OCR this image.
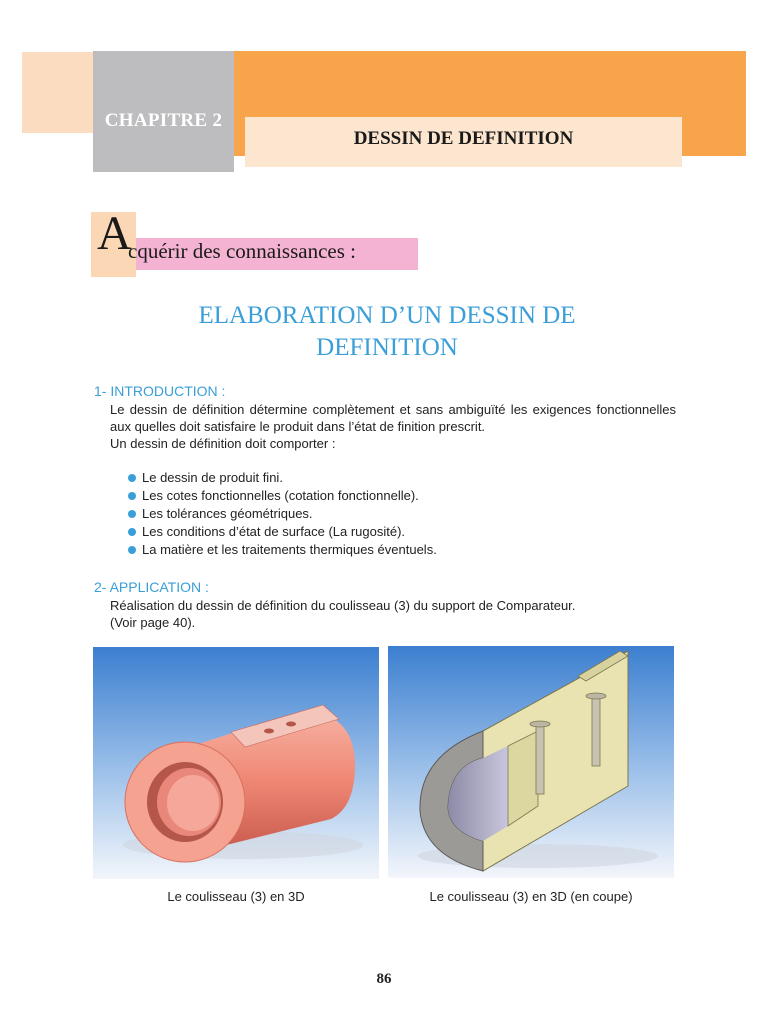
CHAPITRE 2
DESSIN DE DEFINITION
A
cquérir des connaissances :
ELABORATION D’UN DESSIN DE
DEFINITION
1- INTRODUCTION :
Le dessin de définition détermine complètement et sans ambiguïté les exigences fonctionnelles aux quelles doit satisfaire le produit dans l’état de finition prescrit.
Un dessin de définition doit comporter :
Le dessin de produit fini.
Les cotes fonctionnelles (cotation fonctionnelle).
Les tolérances géométriques.
Les conditions d’état de surface (La rugosité).
La matière et les traitements thermiques éventuels.
2- APPLICATION :
Réalisation du dessin de définition du coulisseau (3) du support de Comparateur.
(Voir page 40).
Le coulisseau (3) en 3D	Le coulisseau (3) en 3D (en coupe)
86
